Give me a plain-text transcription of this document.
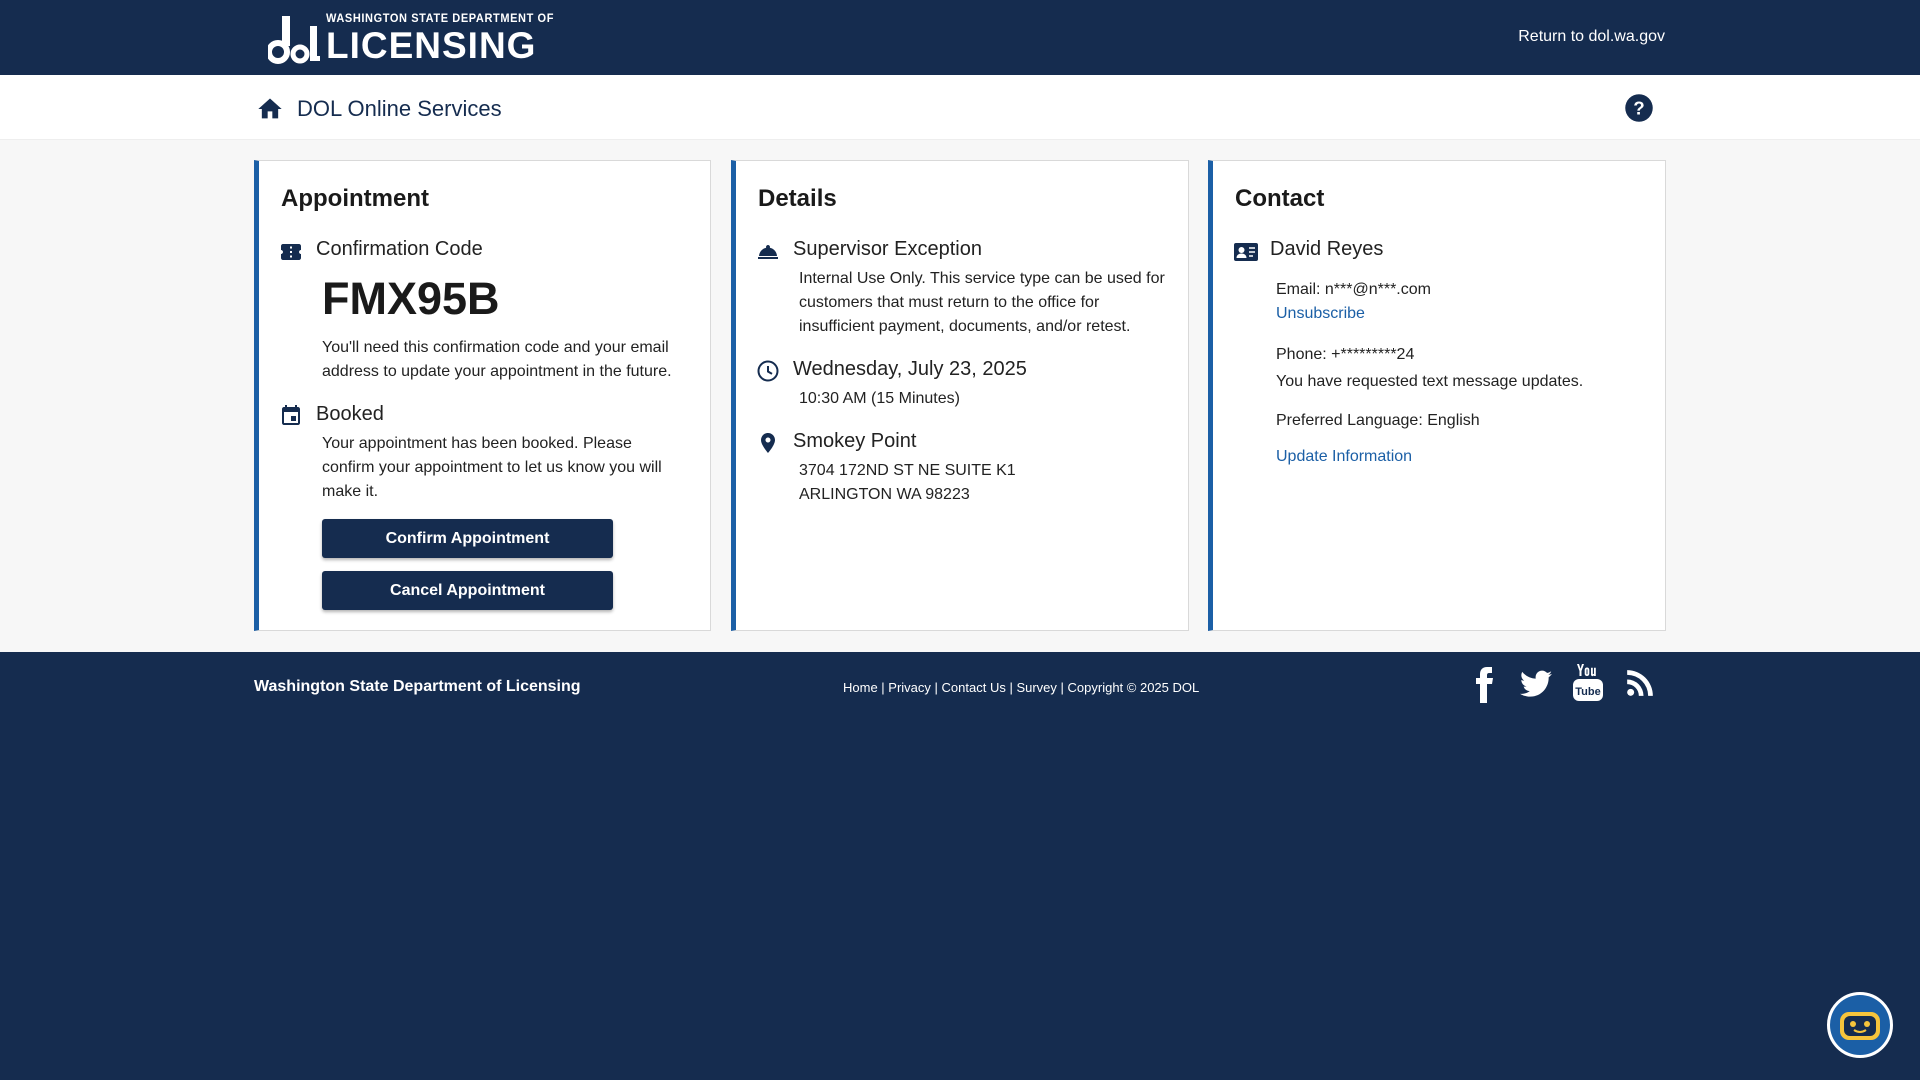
WASHINGTON STATE DEPARTMENT OF
LICENSING	Return to dol.wa.gov
DOL Online Services	?
Appointment
Confirmation Code
FMX95B
You'll need this confirmation code and your email
address to update your appointment in the future.
Booked
Your appointment has been booked. Please
confirm your appointment to let us know you will
make it.
Confirm Appointment
Cancel Appointment
Details
Supervisor Exception
Internal Use Only. This service type can be used for
customers that must return to the office for
insufficient payment, documents, and/or retest.
Wednesday, July 23, 2025
10:30 AM (15 Minutes)
Smokey Point
3704 172ND ST NE SUITE K1
ARLINGTON WA 98223
Contact
David Reyes
Email: n***@n***.com
Unsubscribe
Phone: +*********24
You have requested text message updates.
Preferred Language: English
Update Information
Washington State Department of Licensing	Home | Privacy | Contact Us | Survey | Copyright © 2025 DOL	Tube
